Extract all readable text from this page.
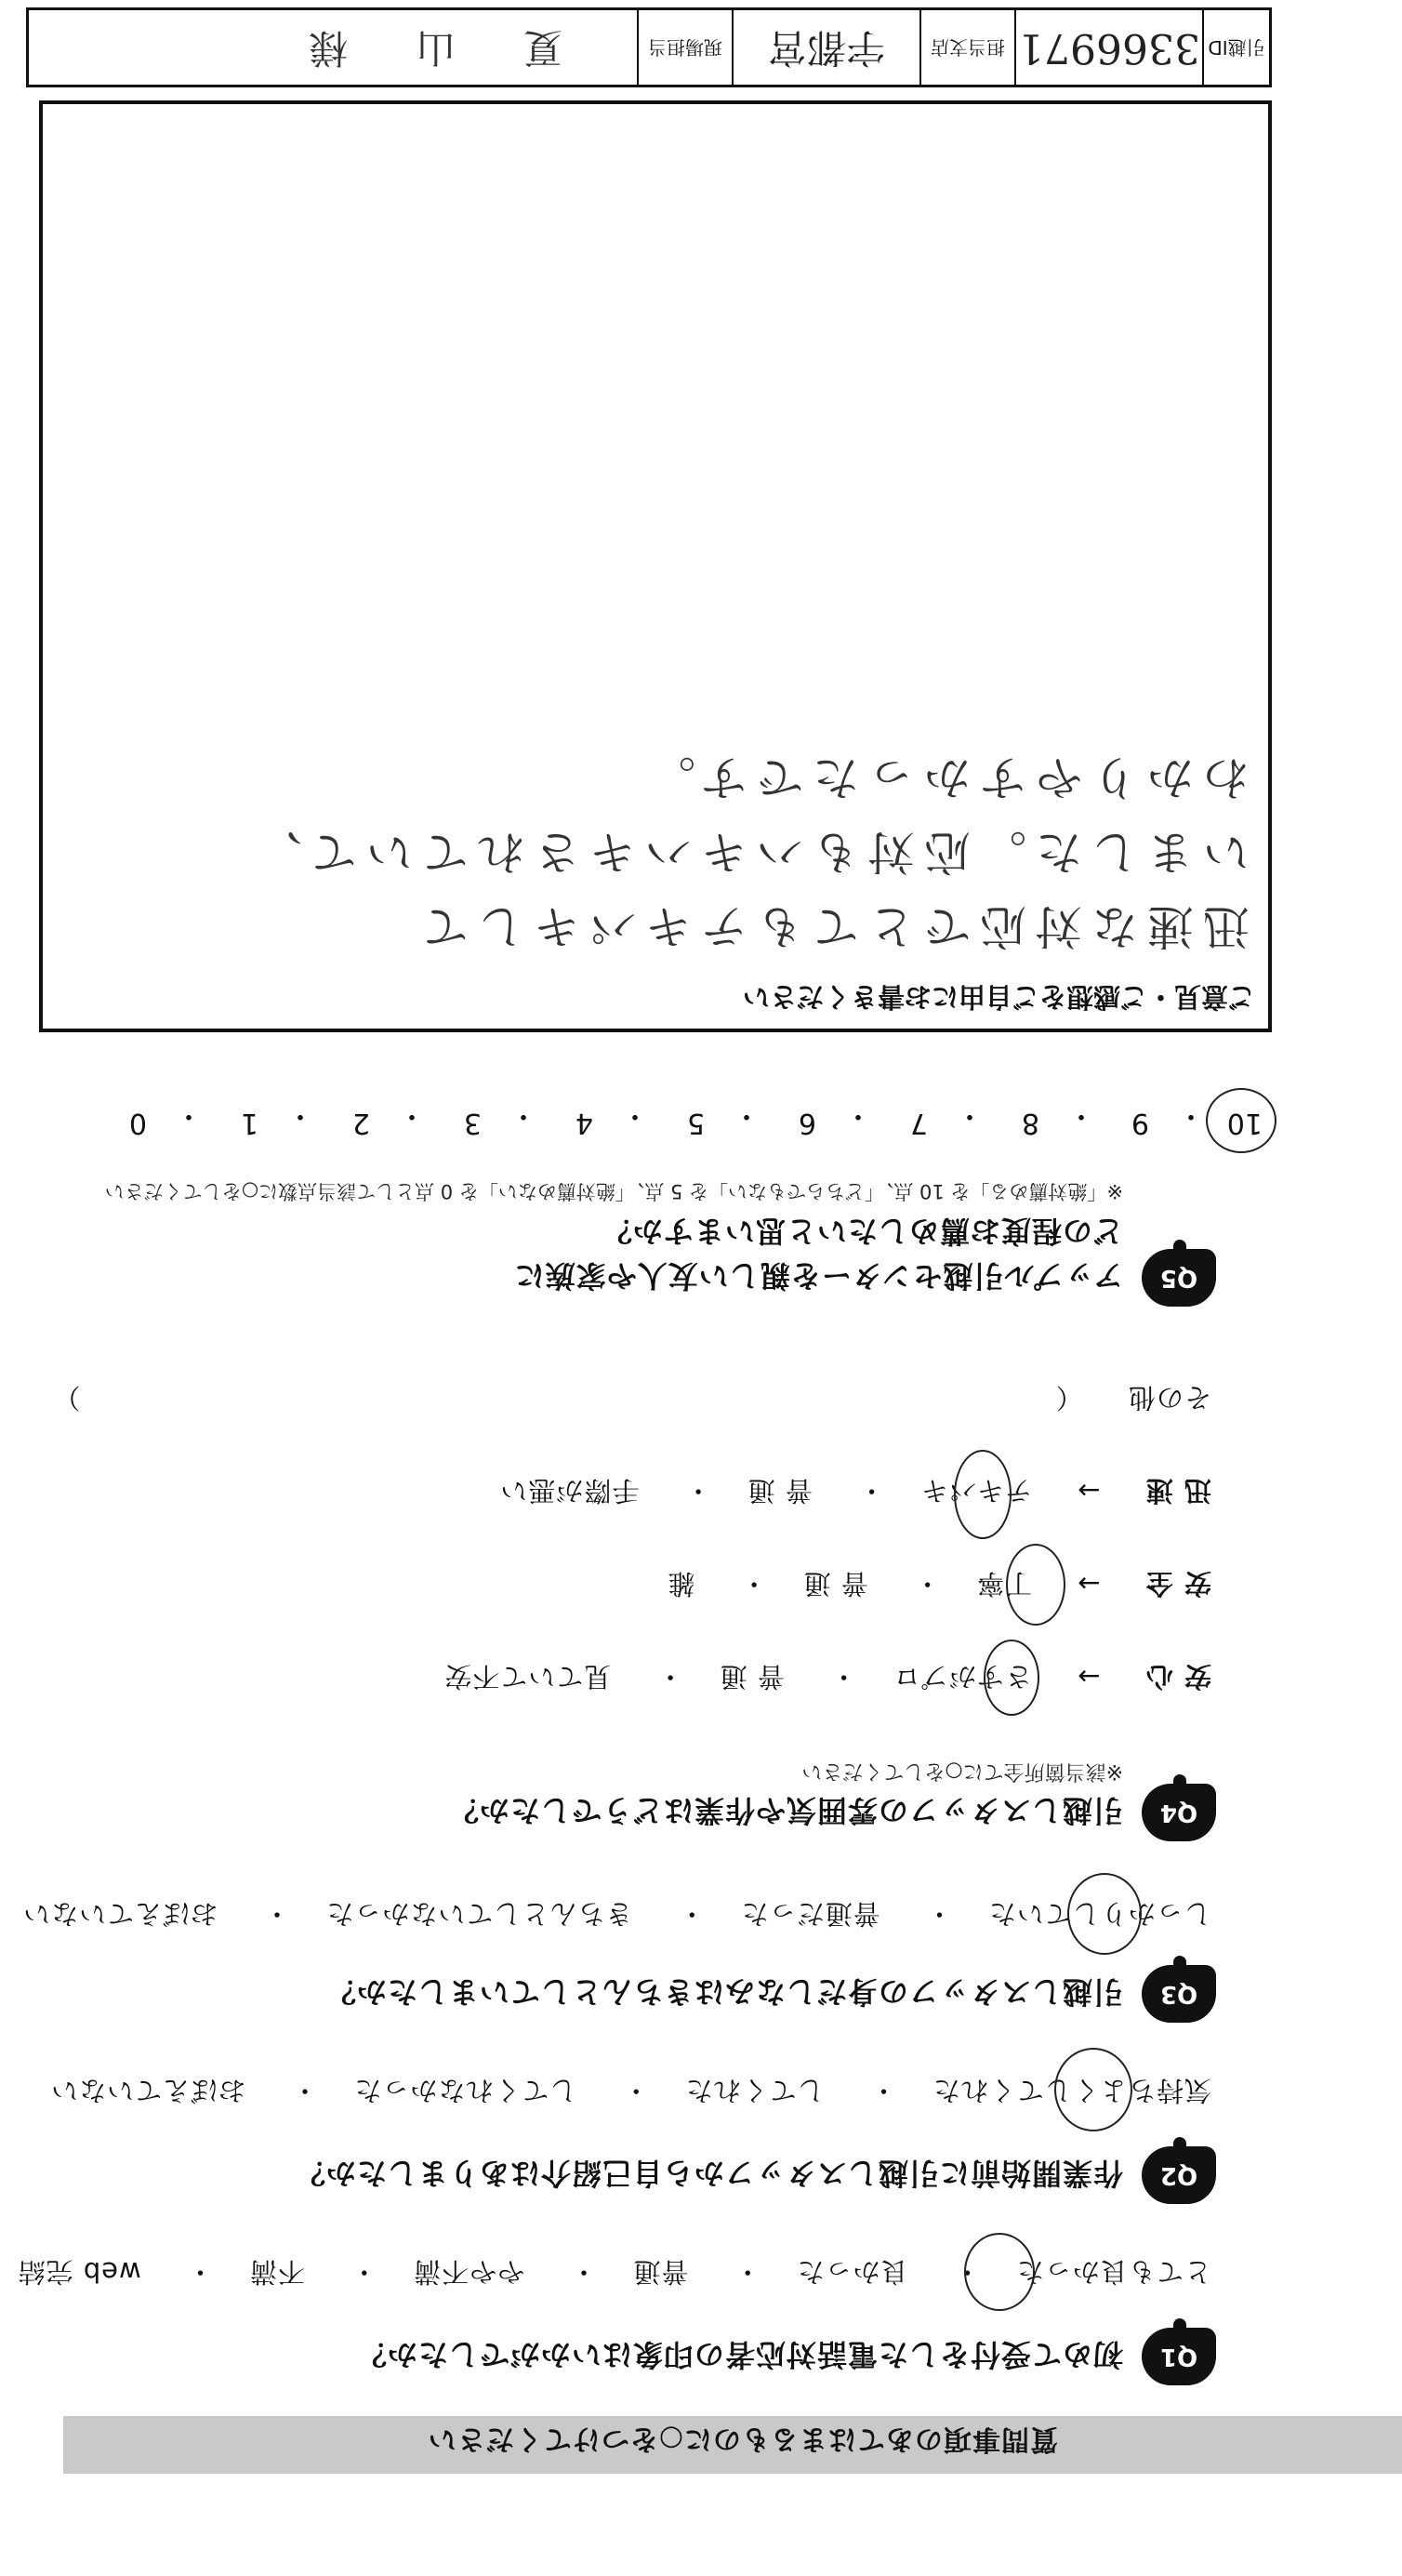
質問事項のあてはまるものに○をつけてください
Q1
初めて受付をした電話対応者の印象はいかがでしたか？
とても良かった・ 良かった・ 普通・ やや不満・ 不満・ web 完結
Q2
作業開始前に引越しスタッフから自己紹介はありましたか？
気持ちよくしてくれた・ してくれた・ してくれなかった・ おぼえていない
Q3
引越しスタッフの身だしなみはきちんとしていましたか？
しっかりしていた・ 普通だった・ きちんとしていなかった・ おぼえていない
Q4
引越しスタッフの雰囲気や作業はどうでしたか？
※該当箇所全てに○をしてください
安 心 → さすがプロ・ 普 通・ 見ていて不安
安 全 → 丁寧・ 普 通・ 雑
迅 速 → テキパキ・ 普 通・ 手際が悪い
その他 （ ）
Q5
アップル引越センターを親しい友人や家族に
どの程度お薦めしたいと思いますか？
※「絶対薦める」を 10 点、「どちらでもない」を 5 点、「絶対薦めない」を 0 点として該当点数に○をしてください
10
・
9
・
8
・
7
・
6
・
5
・
4
・
3
・
2
・
1
・
0
ご意見・ご感想をご自由にお書きください
迅速な対応でとてもテキパキして
いました。応対もハキハキされていて、
わかりやすかったです。
引越ID
3366971
担当支店
宇都宮
現場担当
夏 山 様
